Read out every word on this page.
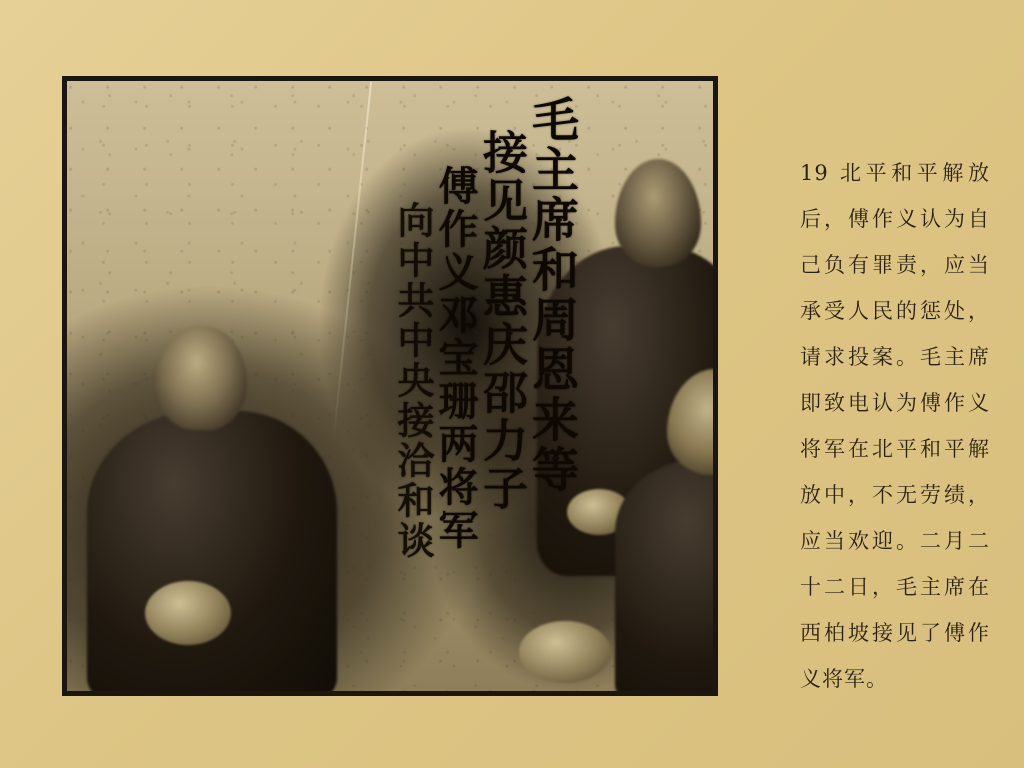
毛主席和周恩来等
接见颜惠庆邵力子
傅作义邓宝珊两将军
向中共中央接洽和谈

19 北平和平解放后，傅作义认为自己负有罪责，应当承受人民的惩处，请求投案。毛主席即致电认为傅作义将军在北平和平解放中，不无劳绩，应当欢迎。二月二十二日，毛主席在西柏坡接见了傅作义将军。
